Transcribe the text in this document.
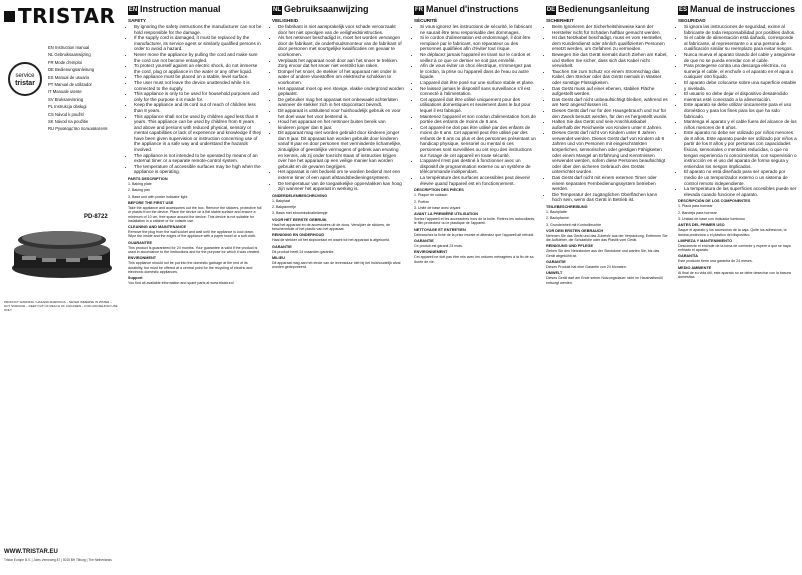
TRISTAR
service
tristar
EN Instruction manual
NL Gebruiksaanwijzing
FR Mode d'emploi
DE Bedienungsanleitung
ES Manual de usuario
PT Manual de utilizador
IT Manuale utente
SV Bruksanvisning
PL Instrukcja obsługi
CS Návod k použití
SK Návod na použitie
RU Руководство пользователя
PD-8722
PRODUCT WARNING / HAZARD MARKINGS – NEVER IMMERSE IN WATER – HOT SURFACE – KEEP OUT OF REACH OF CHILDREN – FOR HOUSEHOLD USE ONLY
WWW.TRISTAR.EU
Tristar Europe B.V. | Jules Verneweg 87 | 5015 BH Tilburg | The Netherlands
EN Instruction manual
SAFETY
• By ignoring the safety instructions the manufacturer can not be hold responsible for the damage.
• If the supply cord is damaged, it must be replaced by the manufacturer, its service agent or similarly qualified persons in order to avoid a hazard.
• Never move the appliance by pulling the cord and make sure the cord can not become entangled.
• To protect yourself against an electric shock, do not immerse the cord, plug or appliance in the water or any other liquid.
• The appliance must be placed on a stable, level surface.
• The user must not leave the device unattended while it is connected to the supply.
• This appliance is only to be used for household purposes and only for the purpose it is made for.
• Keep the appliance and its cord out of reach of children less than 8 years.
• This appliance shall not be used by children aged less than 8 years. This appliance can be used by children from 8 years and above and persons with reduced physical, sensory or mental capabilities or lack of experience and knowledge if they have been given supervision or instruction concerning use of the appliance in a safe way and understand the hazards involved.
• The appliance is not intended to be operated by means of an external timer or a separate remote-control system.
• The temperature of accessible surfaces may be high when the appliance is operating.
PARTS DESCRIPTION

1. Baking plate

2. Baking pan

3. Base unit with power indicator light

BEFORE THE FIRST USE

Take the appliance and accessories out the box. Remove the stickers, protective foil or plastic from the device. Place the device on a flat stable surface and ensure a minimum of 10 cm. free space around the device. This device is not suitable for installation in a cabinet or for outside use.

CLEANING AND MAINTENANCE

Remove the plug from the wall socket and wait until the appliance is cool down. Wipe the inside and the edges of the appliance with a paper towel or a soft cloth.

GUARANTEE

This product is guaranteed for 24 months. Your guarantee is valid if the product is used in accordance to the instructions and for the purpose for which it was created.

ENVIRONMENT

This appliance should not be put into the domestic garbage at the end of its durability, but must be offered at a central point for the recycling of electric and electronic domestic appliances.

Support

You find all available information and spare parts at www.tristar.eu!

NL Gebruiksaanwijzing
VEILIGHEID
• De fabrikant is niet aansprakelijk voor schade veroorzaakt door het niet opvolgen van de veiligheidsinstructies.
• Als het netsnoer beschadigd is, moet het worden vervangen door de fabrikant, de onderhoudsmonteur van de fabrikant of door personen met soortgelijke kwalificaties om gevaar te voorkomen.
• Verplaats het apparaat nooit door aan het snoer te trekken. Zorg ervoor dat het snoer niet verstrikt kan raken.
• Dompel het snoer, de stekker of het apparaat niet onder in water of andere vloeistoffen om elektrische schokken te voorkomen.
• Het apparaat moet op een stevige, vlakke ondergrond worden geplaatst.
• De gebruiker mag het apparaat niet onbewaakt achterlaten wanneer de stekker zich in het stopcontact bevindt.
• Dit apparaat is uitsluitend voor huishoudelijk gebruik en voor het doel waar het voor bestemd is.
• Houd het apparaat en het netsnoer buiten bereik van kinderen jonger dan 8 jaar.
• Dit apparaat mag niet worden gebruikt door kinderen jonger dan 8 jaar. Dit apparaat kan worden gebruikt door kinderen vanaf 8 jaar en door personen met verminderde lichamelijke, zintuiglijke of geestelijke vermogens of gebrek aan ervaring en kennis, als zij onder toezicht staan of instructies krijgen over hoe het apparaat op een veilige manier kan worden gebruikt en de gevaren begrijpen.
• Het apparaat is niet bedoeld om te worden bediend met een externe timer of een apart afstandsbedieningssysteem.
• De temperatuur van de toegankelijke oppervlakken kan hoog zijn wanneer het apparaat in werking is.
ONDERDELENBESCHRIJVING

1. Bakplaat

2. Bakpannetje

3. Basis met stroomindicatielampje

VOOR HET EERSTE GEBRUIK

Haal het apparaat en de accessoires uit de doos. Verwijder de stickers, de beschermfolie of het plastic van het apparaat.

REINIGING EN ONDERHOUD

Haal de stekker uit het stopcontact en wacht tot het apparaat is afgekoeld.

GARANTIE

Dit product heeft 24 maanden garantie.

MILIEU

Dit apparaat mag aan het einde van de levensduur niet bij het huishoudelijk afval worden gedeponeerd.

FR Manuel d'instructions
SÉCURITÉ
• Si vous ignorez les instructions de sécurité, le fabricant ne saurait être tenu responsable des dommages.
• Si le cordon d'alimentation est endommagé, il doit être remplacé par le fabricant, son réparateur ou des personnes qualifiées afin d'éviter tout risque.
• Ne déplacez jamais l'appareil en tirant sur le cordon et veillez à ce que ce dernier ne soit pas emmêlé.
• Afin de vous éviter un choc électrique, n'immergez pas le cordon, la prise ou l'appareil dans de l'eau ou autre liquide.
• L'appareil doit être posé sur une surface stable et plane.
• Ne laissez jamais le dispositif sans surveillance s'il est connecté à l'alimentation.
• Cet appareil doit être utilisé uniquement pour des utilisations domestiques et seulement dans le but pour lequel il est fabriqué.
• Maintenez l'appareil et son cordon d'alimentation hors de portée des enfants de moins de 8 ans.
• Cet appareil ne doit pas être utilisé par des enfants de moins de 8 ans. Cet appareil peut être utilisé par des enfants de 8 ans ou plus et des personnes présentant un handicap physique, sensoriel ou mental si ces personnes sont surveillées ou ont reçu des instructions sur l'usage de cet appareil en toute sécurité.
• L'appareil n'est pas destiné à fonctionner avec un dispositif de programmation externe ou un système de télécommande indépendant.
• La température des surfaces accessibles peut devenir élevée quand l'appareil est en fonctionnement.
DESCRIPTION DES PIÈCES

1. Plaque de cuisson

2. Poêlon

3. Unité de base avec voyant

AVANT LA PREMIÈRE UTILISATION

Sortez l'appareil et les accessoires hors de la boîte. Retirez les autocollants, le film protecteur ou le plastique de l'appareil.

NETTOYAGE ET ENTRETIEN

Débranchez la fiche de la prise murale et attendez que l'appareil ait refroidi.

GARANTIE

Ce produit est garanti 24 mois.

ENVIRONNEMENT

Cet appareil ne doit pas être mis avec les ordures ménagères à la fin de sa durée de vie.

DE Bedienungsanleitung
SICHERHEIT
• Beim Ignorieren der Sicherheitshinweise kann der Hersteller nicht für Schäden haftbar gemacht werden.
• Ist das Netzkabel beschädigt, muss es vom Hersteller, dem Kundendienst oder ähnlich qualifizierten Personen ersetzt werden, um Gefahren zu vermeiden.
• Bewegen Sie das Gerät niemals durch Ziehen am Kabel, und stellen Sie sicher, dass sich das Kabel nicht verwickelt.
• Tauchen Sie zum Schutz vor einem Stromschlag das Kabel, den Stecker oder das Gerät niemals in Wasser oder sonstige Flüssigkeiten.
• Das Gerät muss auf einer ebenen, stabilen Fläche aufgestellt werden.
• Das Gerät darf nicht unbeaufsichtigt bleiben, während es am Netz angeschlossen ist.
• Dieses Gerät darf nur für den Hausgebrauch und nur für den Zweck benutzt werden, für den es hergestellt wurde.
• Halten Sie das Gerät und sein Anschlusskabel außerhalb der Reichweite von Kindern unter 8 Jahren.
• Dieses Gerät darf nicht von Kindern unter 8 Jahren verwendet werden. Dieses Gerät darf von Kindern ab 8 Jahren und von Personen mit eingeschränkten körperlichen, sensorischen oder geistigen Fähigkeiten oder einem Mangel an Erfahrung und Kenntnissen verwendet werden, sofern diese Personen beaufsichtigt oder über den sicheren Gebrauch des Geräts unterrichtet wurden.
• Das Gerät darf nicht mit einem externen Timer oder einem separaten Fernbedienungssystem betrieben werden.
• Die Temperatur der zugänglichen Oberflächen kann hoch sein, wenn das Gerät in Betrieb ist.
TEILEBESCHREIBUNG

1. Backplatte

2. Backpfanne

3. Grundeinheit mit Kontrollleuchte

VOR DEM ERSTEN GEBRAUCH

Nehmen Sie das Gerät und das Zubehör aus der Verpackung. Entfernen Sie die Aufkleber, die Schutzfolie oder das Plastik vom Gerät.

REINIGUNG UND PFLEGE

Ziehen Sie den Netzstecker aus der Steckdose und warten Sie, bis das Gerät abgekühlt ist.

GARANTIE

Dieses Produkt hat eine Garantie von 24 Monaten.

UMWELT

Dieses Gerät darf am Ende seiner Nutzungsdauer nicht im Haushaltsmüll entsorgt werden.

ES Manual de instrucciones
SEGURIDAD
• Si ignora las instrucciones de seguridad, exime al fabricante de toda responsabilidad por posibles daños.
• Si el cable de alimentación está dañado, corresponde al fabricante, al representante o a una persona de cualificación similar su reemplazo para evitar riesgos.
• Nunca mueva el aparato tirando del cable y asegúrese de que no se pueda enredar con el cable.
• Para protegerse contra una descarga eléctrica, no sumerja el cable, el enchufe o el aparato en el agua o cualquier otro líquido.
• El aparato debe colocarse sobre una superficie estable y nivelada.
• El usuario no debe dejar el dispositivo desatendido mientras esté conectado a la alimentación.
• Este aparato se debe utilizar únicamente para el uso doméstico y para los fines para los que ha sido fabricado.
• Mantenga el aparato y el cable fuera del alcance de los niños menores de 8 años.
• Este aparato no debe ser utilizado por niños menores de 8 años. Este aparato puede ser utilizado por niños a partir de los 8 años y por personas con capacidades físicas, sensoriales o mentales reducidas, o que no tengan experiencia ni conocimientos, con supervisión o instrucción en el uso del aparato de forma segura y entiendan los riesgos implicados.
• El aparato no está diseñado para ser operado por medio de un temporizador externo o un sistema de control remoto independiente.
• La temperatura de las superficies accesibles puede ser elevada cuando funcione el aparato.
DESCRIPCIÓN DE LOS COMPONENTES

1. Placa para hornear

2. Bandeja para hornear

3. Unidad de base con indicador luminoso

ANTES DEL PRIMER USO

Saque el aparato y los accesorios de la caja. Quite los adhesivos, la lámina protectora o el plástico del dispositivo.

LIMPIEZA Y MANTENIMIENTO

Desconecte el enchufe de la toma de corriente y espere a que se haya enfriado el aparato.

GARANTÍA

Este producto tiene una garantía de 24 meses.

MEDIO AMBIENTE

Al final de su vida útil, este aparato no se debe desechar con la basura doméstica.
